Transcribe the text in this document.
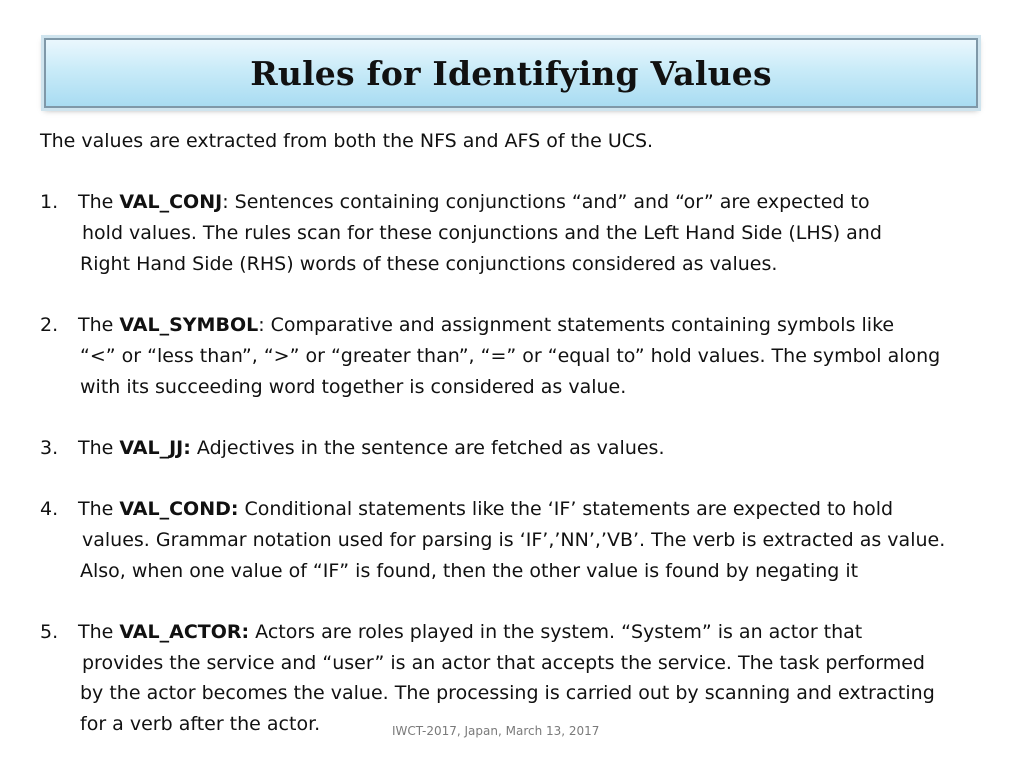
Rules for Identifying Values
The values are extracted from both the NFS and AFS of the UCS.
1. The VAL_CONJ: Sentences containing conjunctions “and” and “or” are expected to
hold values. The rules scan for these conjunctions and the Left Hand Side (LHS) and
Right Hand Side (RHS) words of these conjunctions considered as values.
2. The VAL_SYMBOL: Comparative and assignment statements containing symbols like
“<” or “less than”, “>” or “greater than”, “=” or “equal to” hold values. The symbol along
with its succeeding word together is considered as value.
3. The VAL_JJ: Adjectives in the sentence are fetched as values.
4. The VAL_COND: Conditional statements like the ‘IF’ statements are expected to hold
values. Grammar notation used for parsing is ‘IF’,’NN’,’VB’. The verb is extracted as value.
Also, when one value of “IF” is found, then the other value is found by negating it
5. The VAL_ACTOR: Actors are roles played in the system. “System” is an actor that
provides the service and “user” is an actor that accepts the service. The task performed
by the actor becomes the value. The processing is carried out by scanning and extracting
for a verb after the actor.	IWCT-2017, Japan, March 13, 2017
